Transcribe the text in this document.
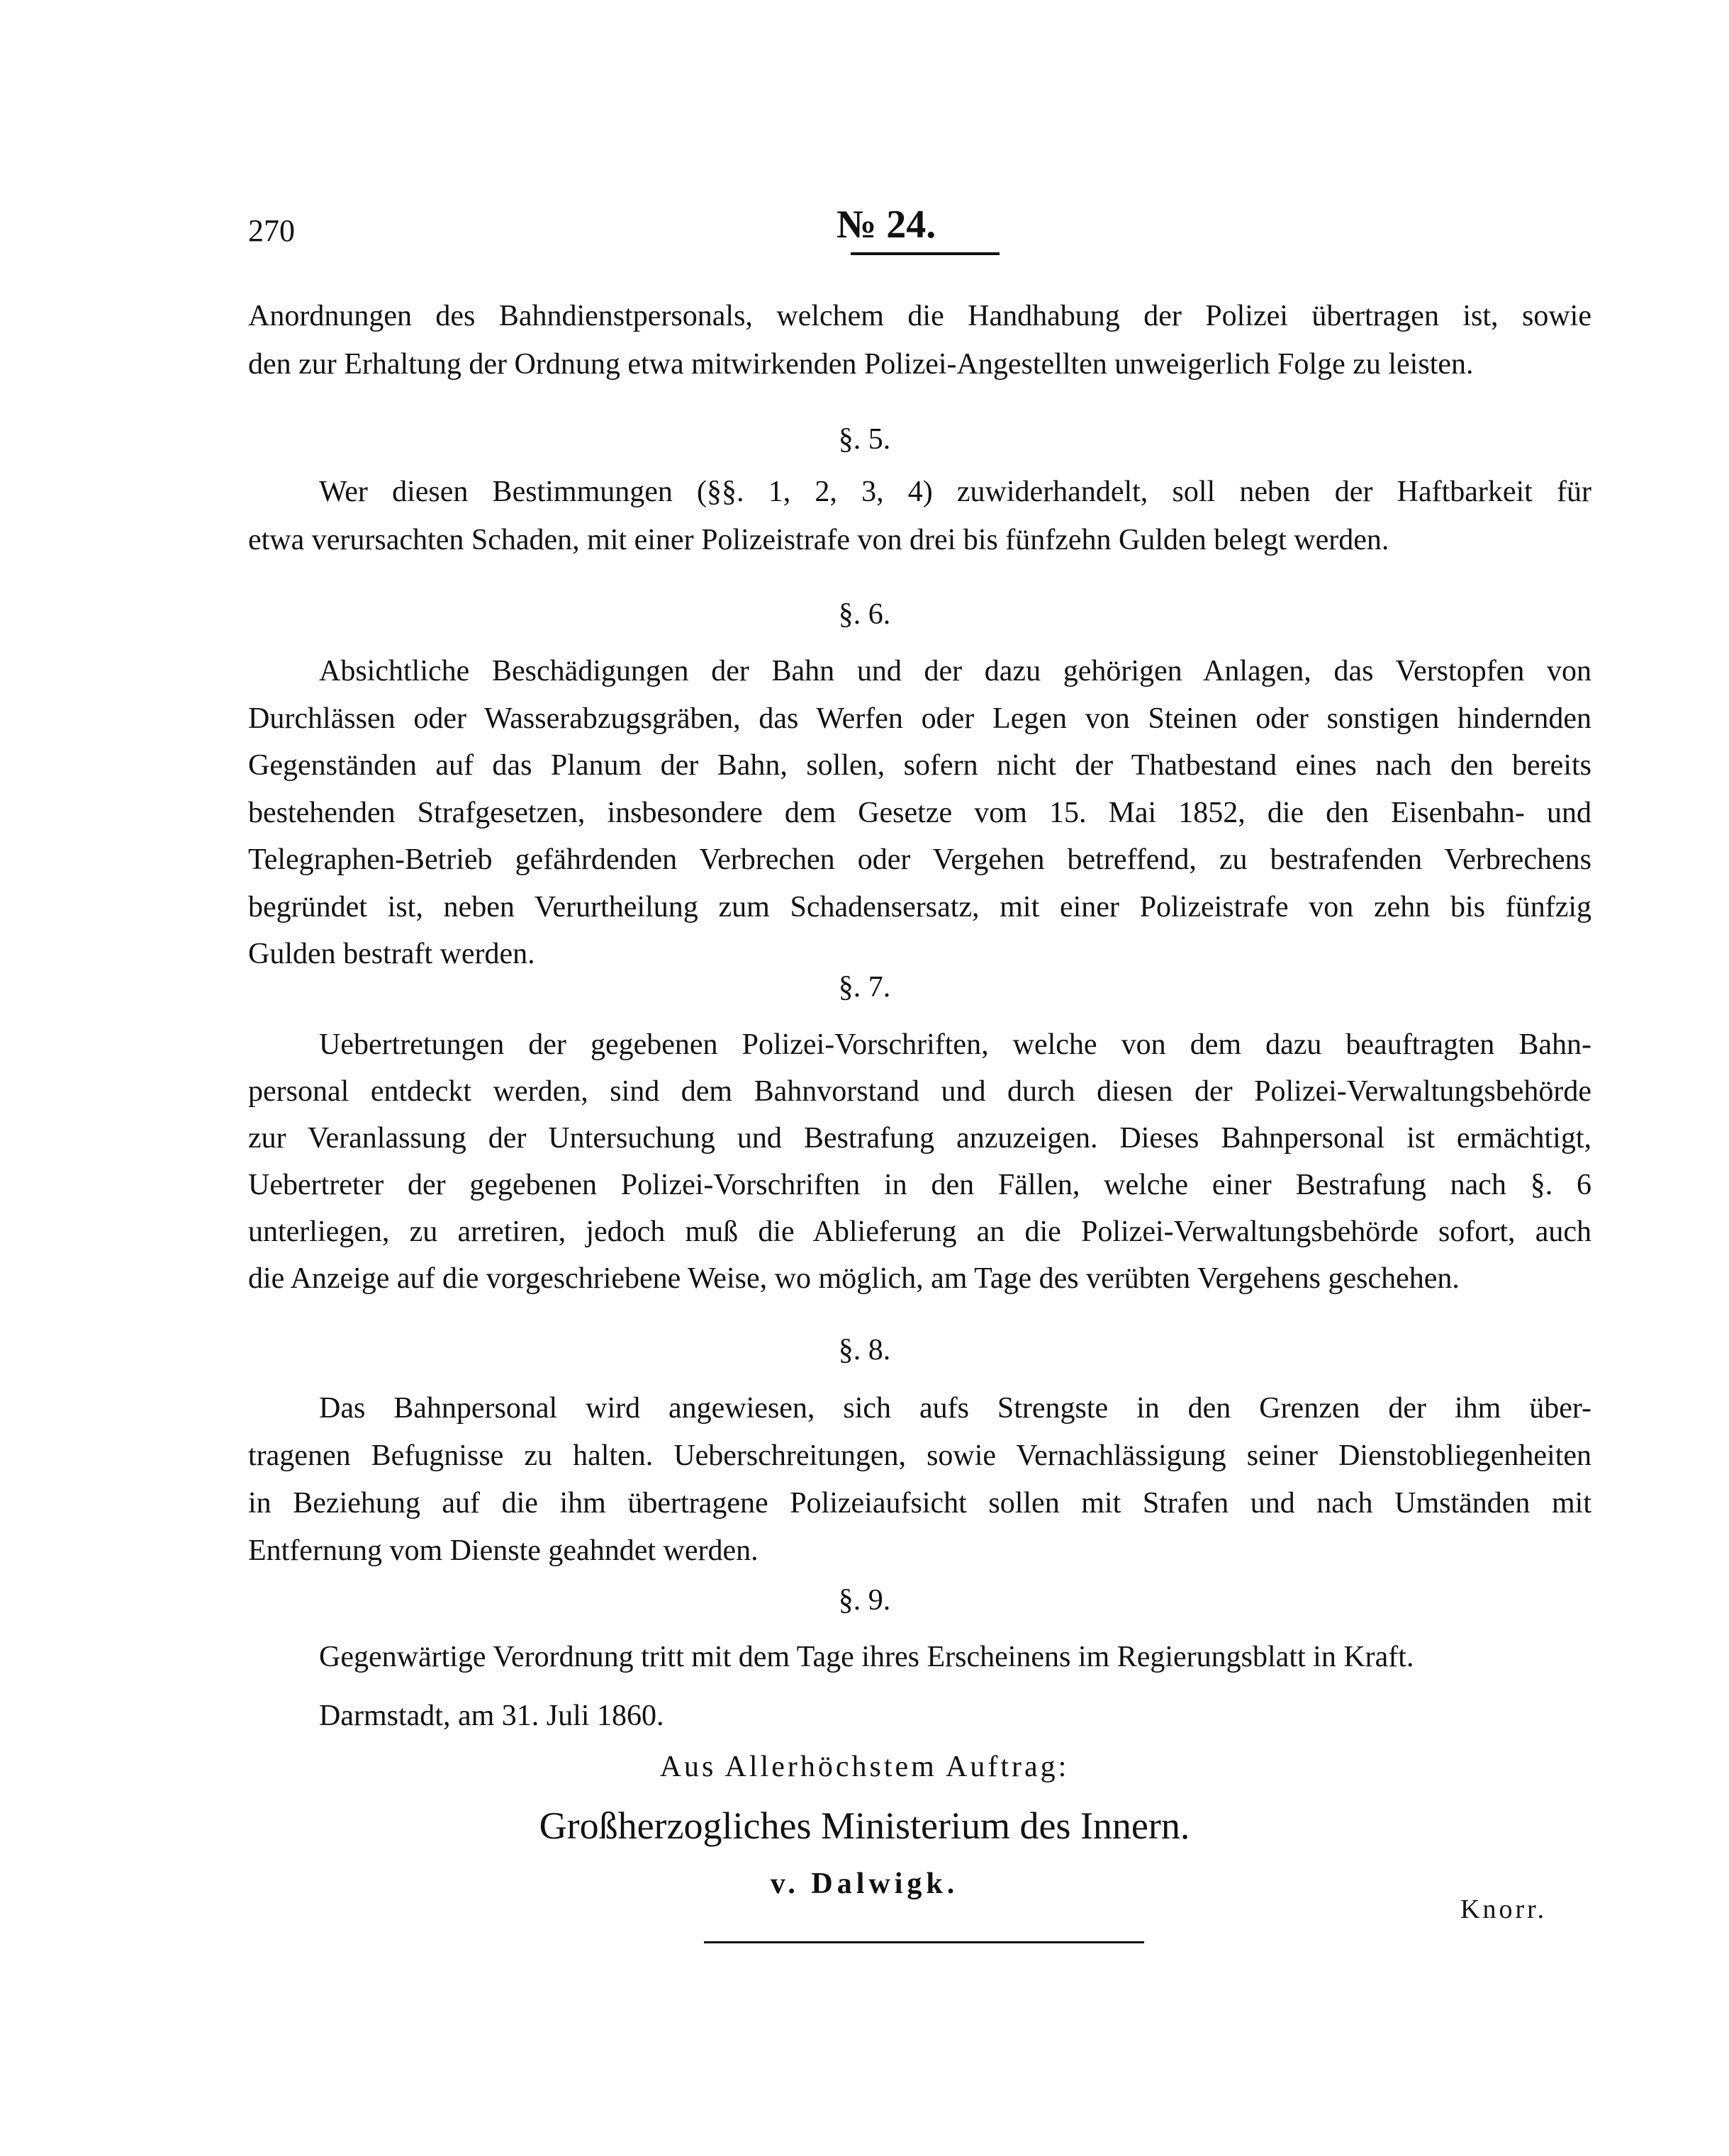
270	№ 24.
Anordnungen des Bahndienstpersonals, welchem die Handhabung der Polizei übertragen ist, sowie
den zur Erhaltung der Ordnung etwa mitwirkenden Polizei-Angestellten unweigerlich Folge zu leisten.
§. 5.
Wer diesen Bestimmungen (§§. 1, 2, 3, 4) zuwiderhandelt, soll neben der Haftbarkeit für
etwa verursachten Schaden, mit einer Polizeistrafe von drei bis fünfzehn Gulden belegt werden.
§. 6.
Absichtliche Beschädigungen der Bahn und der dazu gehörigen Anlagen, das Verstopfen von
Durchlässen oder Wasserabzugsgräben, das Werfen oder Legen von Steinen oder sonstigen hindernden
Gegenständen auf das Planum der Bahn, sollen, sofern nicht der Thatbestand eines nach den bereits
bestehenden Strafgesetzen, insbesondere dem Gesetze vom 15. Mai 1852, die den Eisenbahn- und
Telegraphen-Betrieb gefährdenden Verbrechen oder Vergehen betreffend, zu bestrafenden Verbrechens
begründet ist, neben Verurtheilung zum Schadensersatz, mit einer Polizeistrafe von zehn bis fünfzig
Gulden bestraft werden.
§. 7.
Uebertretungen der gegebenen Polizei-Vorschriften, welche von dem dazu beauftragten Bahn-
personal entdeckt werden, sind dem Bahnvorstand und durch diesen der Polizei-Verwaltungsbehörde
zur Veranlassung der Untersuchung und Bestrafung anzuzeigen. Dieses Bahnpersonal ist ermächtigt,
Uebertreter der gegebenen Polizei-Vorschriften in den Fällen, welche einer Bestrafung nach §. 6
unterliegen, zu arretiren, jedoch muß die Ablieferung an die Polizei-Verwaltungsbehörde sofort, auch
die Anzeige auf die vorgeschriebene Weise, wo möglich, am Tage des verübten Vergehens geschehen.
§. 8.
Das Bahnpersonal wird angewiesen, sich aufs Strengste in den Grenzen der ihm über-
tragenen Befugnisse zu halten. Ueberschreitungen, sowie Vernachlässigung seiner Dienstobliegenheiten
in Beziehung auf die ihm übertragene Polizeiaufsicht sollen mit Strafen und nach Umständen mit
Entfernung vom Dienste geahndet werden.
§. 9.
Gegenwärtige Verordnung tritt mit dem Tage ihres Erscheinens im Regierungsblatt in Kraft.
Darmstadt, am 31. Juli 1860.
Aus Allerhöchstem Auftrag:
Großherzogliches Ministerium des Innern.
v. Dalwigk.
Knorr.
